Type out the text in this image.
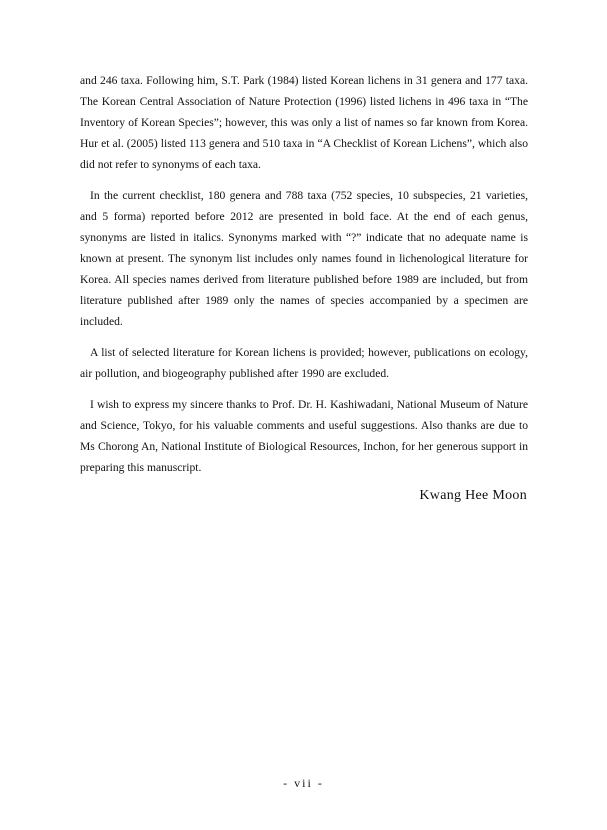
and 246 taxa. Following him, S.T. Park (1984) listed Korean lichens in 31 genera and 177 taxa. The Korean Central Association of Nature Protection (1996) listed lichens in 496 taxa in “The Inventory of Korean Species”; however, this was only a list of names so far known from Korea. Hur et al. (2005) listed 113 genera and 510 taxa in “A Checklist of Korean Lichens”, which also did not refer to synonyms of each taxa.

In the current checklist, 180 genera and 788 taxa (752 species, 10 subspecies, 21 varieties, and 5 forma) reported before 2012 are presented in bold face. At the end of each genus, synonyms are listed in italics. Synonyms marked with “?” indicate that no adequate name is known at present. The synonym list includes only names found in lichenological literature for Korea. All species names derived from literature published before 1989 are included, but from literature published after 1989 only the names of species accompanied by a specimen are included.

A list of selected literature for Korean lichens is provided; however, publications on ecology, air pollution, and biogeography published after 1990 are excluded.

I wish to express my sincere thanks to Prof. Dr. H. Kashiwadani, National Museum of Nature and Science, Tokyo, for his valuable comments and useful suggestions. Also thanks are due to Ms Chorong An, National Institute of Biological Resources, Inchon, for her generous support in preparing this manuscript.

Kwang Hee Moon
- vii -
